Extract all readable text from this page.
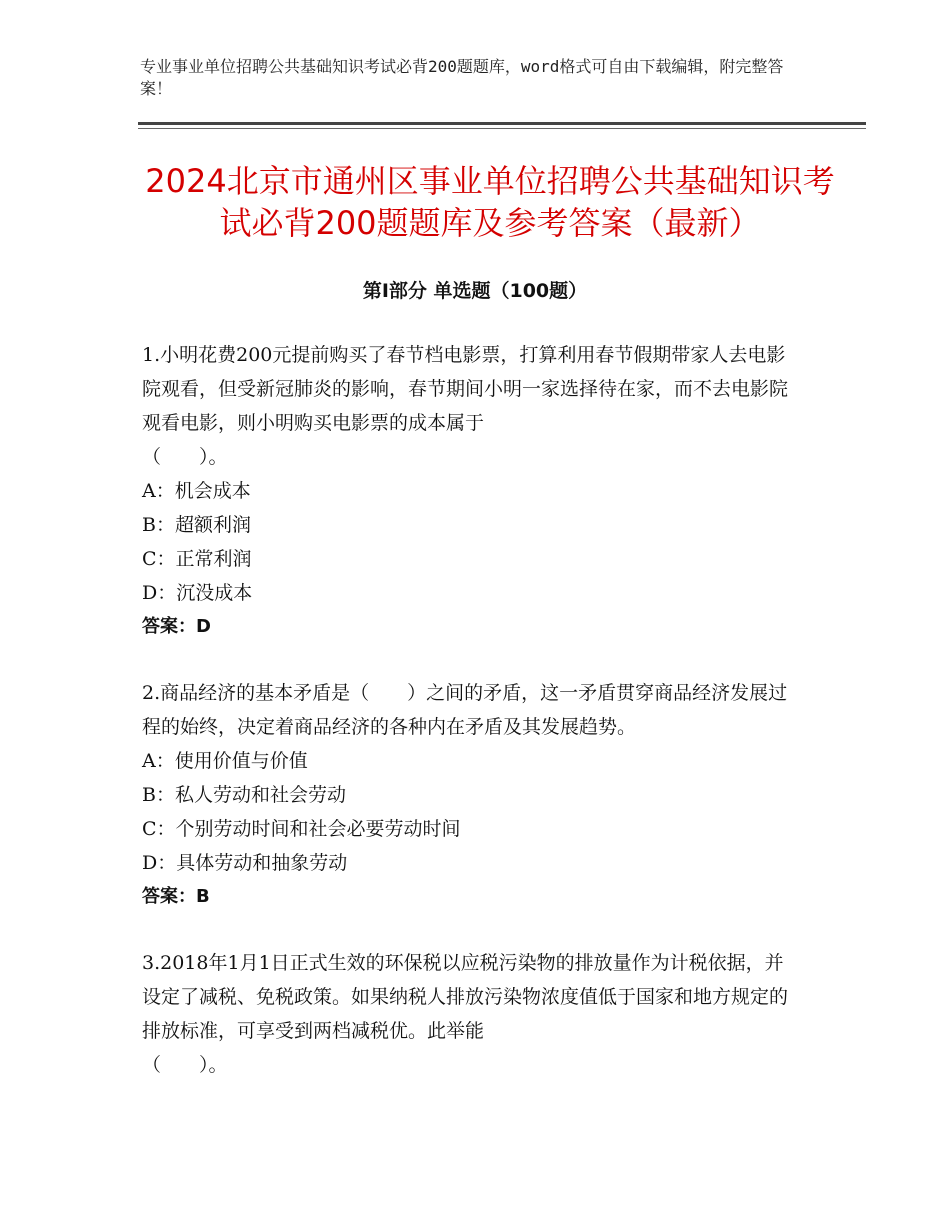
专业事业单位招聘公共基础知识考试必背200题题库，word格式可自由下载编辑，附完整答案！
2024北京市通州区事业单位招聘公共基础知识考试必背200题题库及参考答案（最新）
第Ⅰ部分 单选题（100题）

1.小明花费200元提前购买了春节档电影票，打算利用春节假期带家人去电影院观看，但受新冠肺炎的影响，春节期间小明一家选择待在家，而不去电影院观看电影，则小明购买电影票的成本属于

（　　）。

A：机会成本

B：超额利润

C：正常利润

D：沉没成本

答案：D

2.商品经济的基本矛盾是（　　）之间的矛盾，这一矛盾贯穿商品经济发展过程的始终，决定着商品经济的各种内在矛盾及其发展趋势。

A：使用价值与价值

B：私人劳动和社会劳动

C：个别劳动时间和社会必要劳动时间

D：具体劳动和抽象劳动

答案：B

3.2018年1月1日正式生效的环保税以应税污染物的排放量作为计税依据，并设定了减税、免税政策。如果纳税人排放污染物浓度值低于国家和地方规定的排放标准，可享受到两档减税优。此举能

（　　）。
